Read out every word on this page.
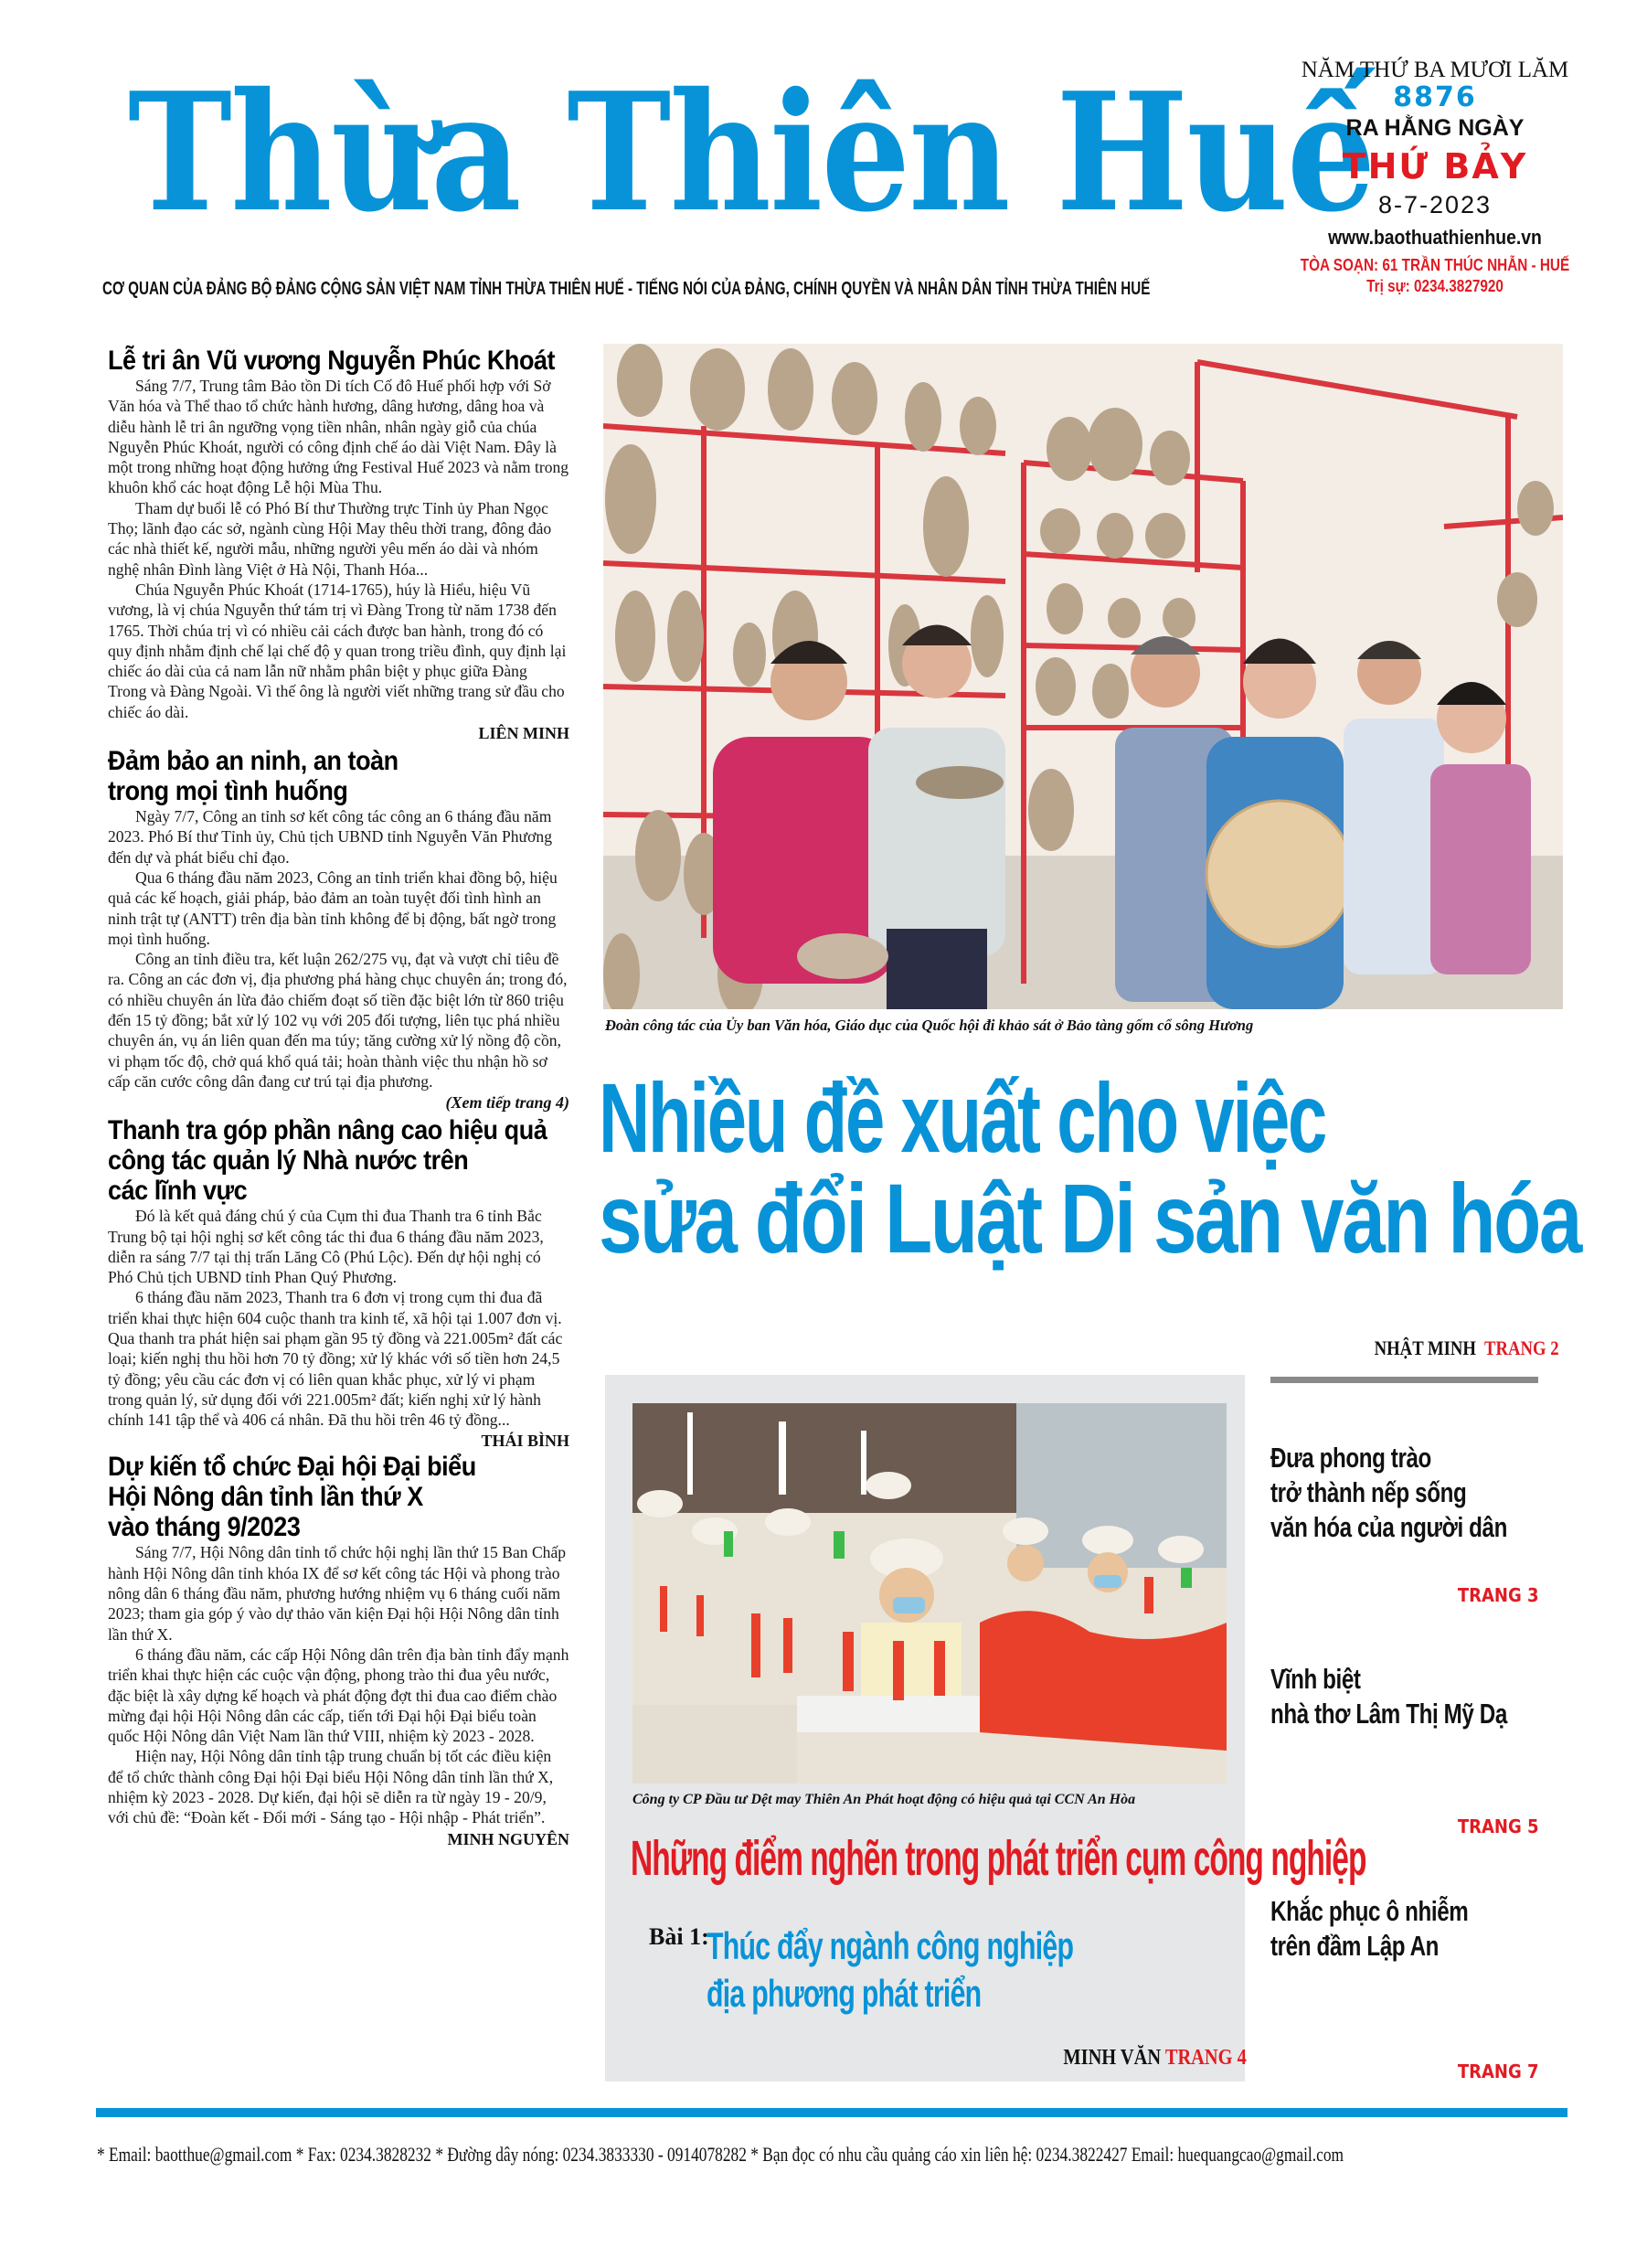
Thừa Thiên Huế
NĂM THỨ BA MƯƠI LĂM
8876
RA HẰNG NGÀY
THỨ BẢY
8-7-2023
www.baothuathienhue.vn
TÒA SOẠN: 61 TRẦN THÚC NHẪN - HUẾ
Trị sự: 0234.3827920
CƠ QUAN CỦA ĐẢNG BỘ ĐẢNG CỘNG SẢN VIỆT NAM TỈNH THỪA THIÊN HUẾ - TIẾNG NÓI CỦA ĐẢNG, CHÍNH QUYỀN VÀ NHÂN DÂN TỈNH THỪA THIÊN HUẾ
Lễ tri ân Vũ vương Nguyễn Phúc Khoát

Sáng 7/7, Trung tâm Bảo tồn Di tích Cố đô Huế phối hợp với Sở Văn hóa và Thể thao tổ chức hành hương, dâng hương, dâng hoa và diễu hành lễ tri ân ngưỡng vọng tiền nhân, nhân ngày giỗ của chúa Nguyễn Phúc Khoát, người có công định chế áo dài Việt Nam. Đây là một trong những hoạt động hưởng ứng Festival Huế 2023 và nằm trong khuôn khổ các hoạt động Lễ hội Mùa Thu.

Tham dự buổi lễ có Phó Bí thư Thường trực Tỉnh ủy Phan Ngọc Thọ; lãnh đạo các sở, ngành cùng Hội May thêu thời trang, đông đảo các nhà thiết kế, người mẫu, những người yêu mến áo dài và nhóm nghệ nhân Đình làng Việt ở Hà Nội, Thanh Hóa...

Chúa Nguyễn Phúc Khoát (1714-1765), húy là Hiểu, hiệu Vũ vương, là vị chúa Nguyễn thứ tám trị vì Đàng Trong từ năm 1738 đến 1765. Thời chúa trị vì có nhiều cải cách được ban hành, trong đó có quy định nhằm định chế lại chế độ y quan trong triều đình, quy định lại chiếc áo dài của cả nam lẫn nữ nhằm phân biệt y phục giữa Đàng Trong và Đàng Ngoài. Vì thế ông là người viết những trang sử đầu cho chiếc áo dài.

LIÊN MINH
Đảm bảo an ninh, an toàn
trong mọi tình huống

Ngày 7/7, Công an tỉnh sơ kết công tác công an 6 tháng đầu năm 2023. Phó Bí thư Tỉnh ủy, Chủ tịch UBND tỉnh Nguyễn Văn Phương đến dự và phát biểu chỉ đạo.

Qua 6 tháng đầu năm 2023, Công an tỉnh triển khai đồng bộ, hiệu quả các kế hoạch, giải pháp, bảo đảm an toàn tuyệt đối tình hình an ninh trật tự (ANTT) trên địa bàn tỉnh không để bị động, bất ngờ trong mọi tình huống.

Công an tỉnh điều tra, kết luận 262/275 vụ, đạt và vượt chỉ tiêu đề ra. Công an các đơn vị, địa phương phá hàng chục chuyên án; trong đó, có nhiều chuyên án lừa đảo chiếm đoạt số tiền đặc biệt lớn từ 860 triệu đến 15 tỷ đồng; bắt xử lý 102 vụ với 205 đối tượng, liên tục phá nhiều chuyên án, vụ án liên quan đến ma túy; tăng cường xử lý nồng độ cồn, vi phạm tốc độ, chở quá khổ quá tải; hoàn thành việc thu nhận hồ sơ cấp căn cước công dân đang cư trú tại địa phương.

(Xem tiếp trang 4)
Thanh tra góp phần nâng cao hiệu quả
công tác quản lý Nhà nước trên
các lĩnh vực

Đó là kết quả đáng chú ý của Cụm thi đua Thanh tra 6 tỉnh Bắc Trung bộ tại hội nghị sơ kết công tác thi đua 6 tháng đầu năm 2023, diễn ra sáng 7/7 tại thị trấn Lăng Cô (Phú Lộc). Đến dự hội nghị có Phó Chủ tịch UBND tỉnh Phan Quý Phương.

6 tháng đầu năm 2023, Thanh tra 6 đơn vị trong cụm thi đua đã triển khai thực hiện 604 cuộc thanh tra kinh tế, xã hội tại 1.007 đơn vị. Qua thanh tra phát hiện sai phạm gần 95 tỷ đồng và 221.005m² đất các loại; kiến nghị thu hồi hơn 70 tỷ đồng; xử lý khác với số tiền hơn 24,5 tỷ đồng; yêu cầu các đơn vị có liên quan khắc phục, xử lý vi phạm trong quản lý, sử dụng đối với 221.005m² đất; kiến nghị xử lý hành chính 141 tập thể và 406 cá nhân. Đã thu hồi trên 46 tỷ đồng...

THÁI BÌNH
Dự kiến tổ chức Đại hội Đại biểu
Hội Nông dân tỉnh lần thứ X
vào tháng 9/2023

Sáng 7/7, Hội Nông dân tỉnh tổ chức hội nghị lần thứ 15 Ban Chấp hành Hội Nông dân tỉnh khóa IX để sơ kết công tác Hội và phong trào nông dân 6 tháng đầu năm, phương hướng nhiệm vụ 6 tháng cuối năm 2023; tham gia góp ý vào dự thảo văn kiện Đại hội Hội Nông dân tỉnh lần thứ X.

6 tháng đầu năm, các cấp Hội Nông dân trên địa bàn tỉnh đẩy mạnh triển khai thực hiện các cuộc vận động, phong trào thi đua yêu nước, đặc biệt là xây dựng kế hoạch và phát động đợt thi đua cao điểm chào mừng đại hội Hội Nông dân các cấp, tiến tới Đại hội Đại biểu toàn quốc Hội Nông dân Việt Nam lần thứ VIII, nhiệm kỳ 2023 - 2028.

Hiện nay, Hội Nông dân tỉnh tập trung chuẩn bị tốt các điều kiện để tổ chức thành công Đại hội Đại biểu Hội Nông dân tỉnh lần thứ X, nhiệm kỳ 2023 - 2028. Dự kiến, đại hội sẽ diễn ra từ ngày 19 - 20/9, với chủ đề: “Đoàn kết - Đổi mới - Sáng tạo - Hội nhập - Phát triển”.

MINH NGUYÊN
Đoàn công tác của Ủy ban Văn hóa, Giáo dục của Quốc hội đi khảo sát ở Bảo tàng gốm cổ sông Hương
Nhiều đề xuất cho việc
sửa đổi Luật Di sản văn hóa
NHẬT MINH TRANG 2
Công ty CP Đầu tư Dệt may Thiên An Phát hoạt động có hiệu quả tại CCN An Hòa
Những điểm nghẽn trong phát triển cụm công nghiệp
Bài 1:
Thúc đẩy ngành công nghiệp
địa phương phát triển
MINH VĂN TRANG 4
Đưa phong trào
trở thành nếp sống
văn hóa của người dân
TRANG 3
Vĩnh biệt
nhà thơ Lâm Thị Mỹ Dạ
TRANG 5
Khắc phục ô nhiễm
trên đầm Lập An
TRANG 7
* Email: baotthue@gmail.com * Fax: 0234.3828232 * Đường dây nóng: 0234.3833330 - 0914078282 * Bạn đọc có nhu cầu quảng cáo xin liên hệ: 0234.3822427 Email: huequangcao@gmail.com
